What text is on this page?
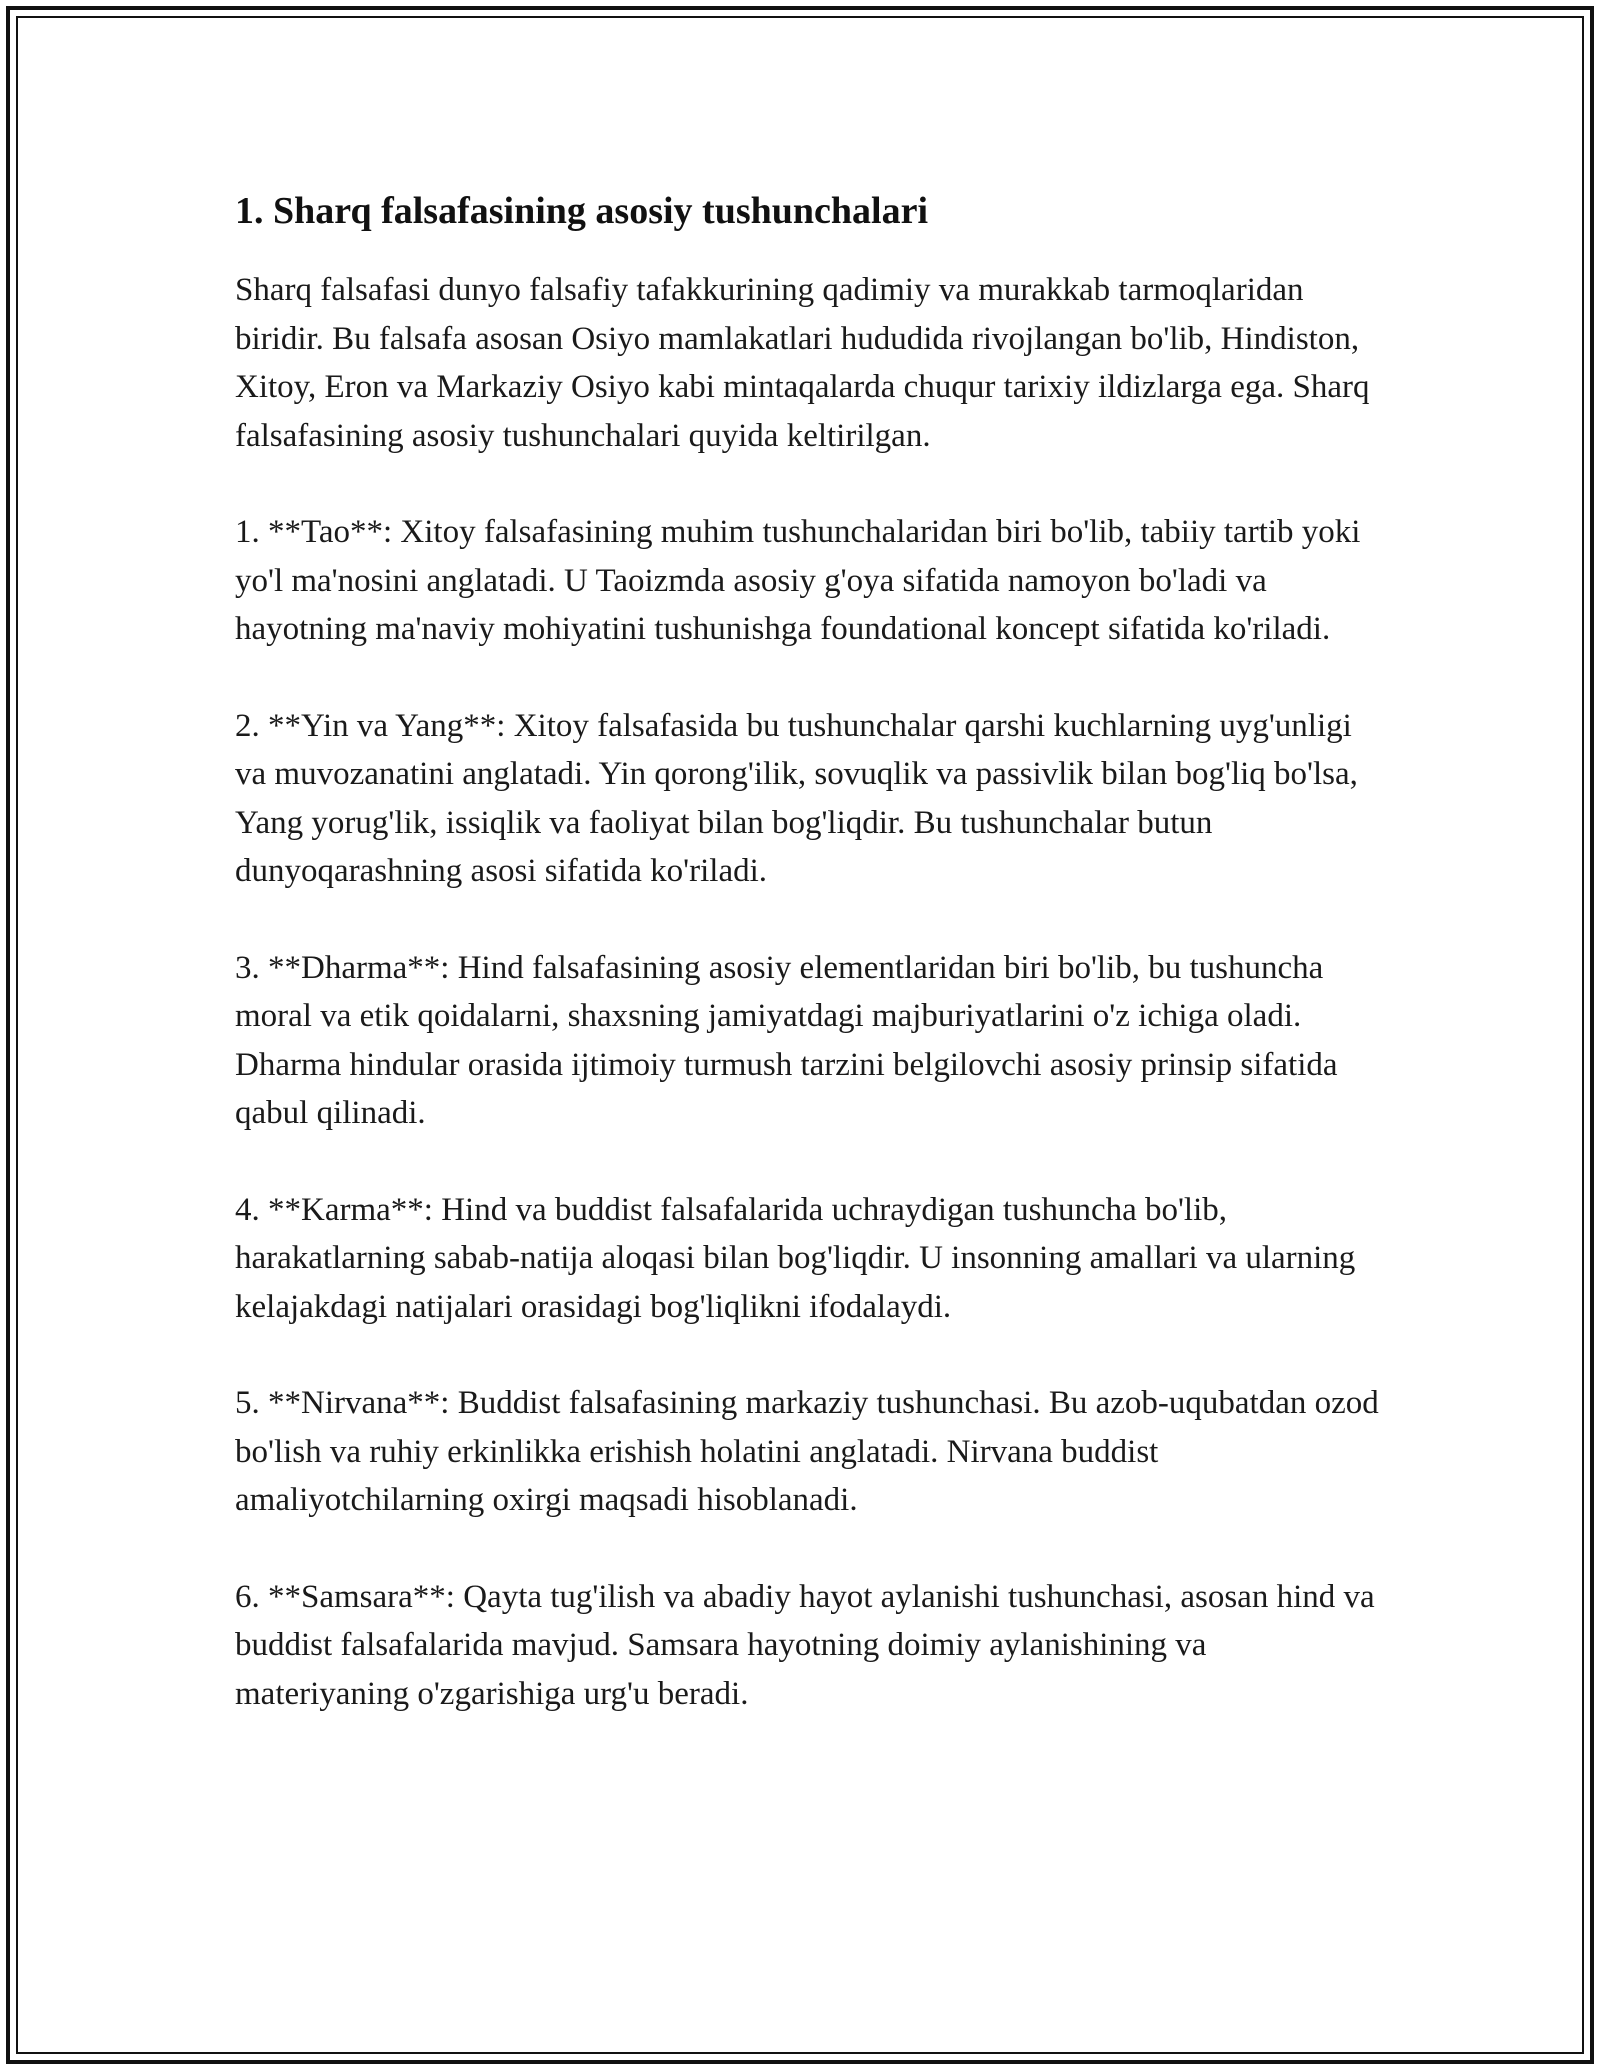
1. Sharq falsafasining asosiy tushunchalari

Sharq falsafasi dunyo falsafiy tafakkurining qadimiy va murakkab tarmoqlaridan biridir. Bu falsafa asosan Osiyo mamlakatlari hududida rivojlangan bo'lib, Hindiston, Xitoy, Eron va Markaziy Osiyo kabi mintaqalarda chuqur tarixiy ildizlarga ega. Sharq falsafasining asosiy tushunchalari quyida keltirilgan.

1. **Tao**: Xitoy falsafasining muhim tushunchalaridan biri bo'lib, tabiiy tartib yoki yo'l ma'nosini anglatadi. U Taoizmda asosiy g'oya sifatida namoyon bo'ladi va hayotning ma'naviy mohiyatini tushunishga foundational koncept sifatida ko'riladi.

2. **Yin va Yang**: Xitoy falsafasida bu tushunchalar qarshi kuchlarning uyg'unligi va muvozanatini anglatadi. Yin qorong'ilik, sovuqlik va passivlik bilan bog'liq bo'lsa, Yang yorug'lik, issiqlik va faoliyat bilan bog'liqdir. Bu tushunchalar butun dunyoqarashning asosi sifatida ko'riladi.

3. **Dharma**: Hind falsafasining asosiy elementlaridan biri bo'lib, bu tushuncha moral va etik qoidalarni, shaxsning jamiyatdagi majburiyatlarini o'z ichiga oladi. Dharma hindular orasida ijtimoiy turmush tarzini belgilovchi asosiy prinsip sifatida qabul qilinadi.

4. **Karma**: Hind va buddist falsafalarida uchraydigan tushuncha bo'lib, harakatlarning sabab-natija aloqasi bilan bog'liqdir. U insonning amallari va ularning kelajakdagi natijalari orasidagi bog'liqlikni ifodalaydi.

5. **Nirvana**: Buddist falsafasining markaziy tushunchasi. Bu azob-uqubatdan ozod bo'lish va ruhiy erkinlikka erishish holatini anglatadi. Nirvana buddist amaliyotchilarning oxirgi maqsadi hisoblanadi.

6. **Samsara**: Qayta tug'ilish va abadiy hayot aylanishi tushunchasi, asosan hind va buddist falsafalarida mavjud. Samsara hayotning doimiy aylanishining va materiyaning o'zgarishiga urg'u beradi.
